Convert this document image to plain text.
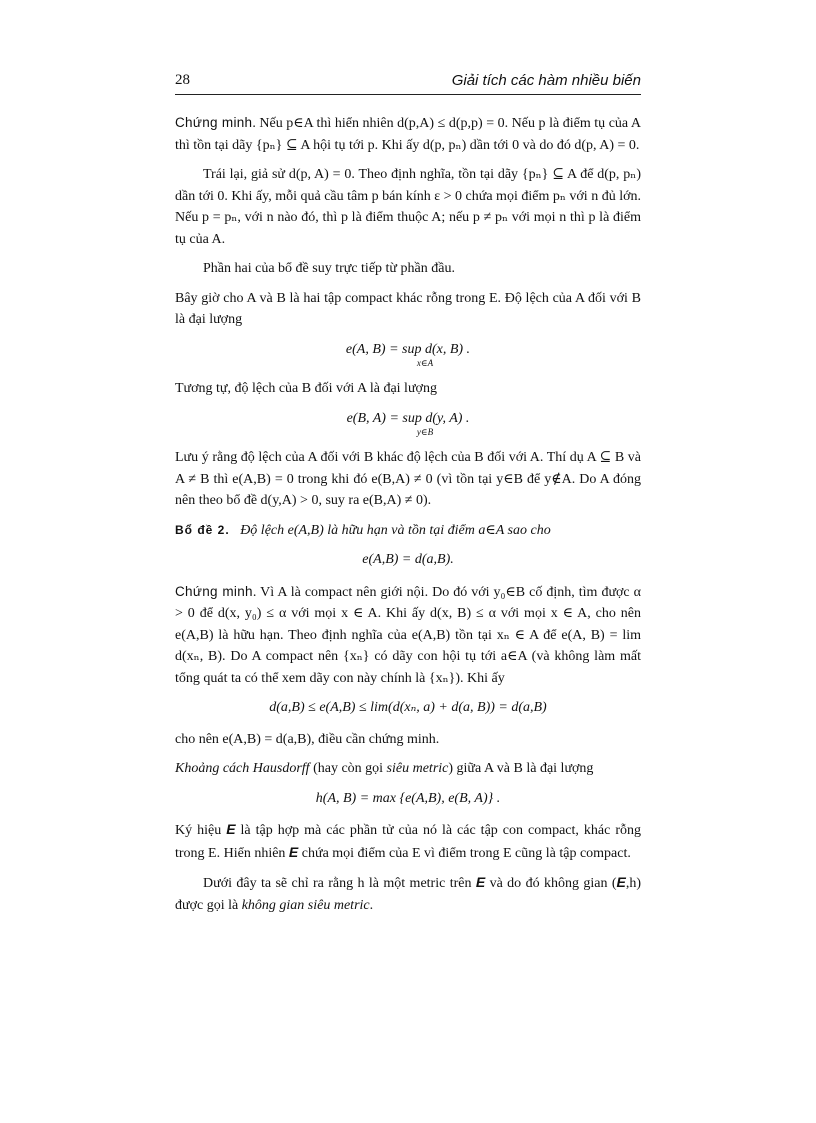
28	Giải tích các hàm nhiều biến

Chứng minh. Nếu p∈A thì hiển nhiên d(p,A) ≤ d(p,p) = 0. Nếu p là điểm tụ của A thì tồn tại dãy {pₙ} ⊆ A hội tụ tới p. Khi ấy d(p, pₙ) dần tới 0 và do đó d(p, A) = 0.

Trái lại, giả sử d(p, A) = 0. Theo định nghĩa, tồn tại dãy {pₙ} ⊆ A để d(p, pₙ) dần tới 0. Khi ấy, mỗi quả cầu tâm p bán kính ε > 0 chứa mọi điểm pₙ với n đủ lớn. Nếu p = pₙ, với n nào đó, thì p là điểm thuộc A; nếu p ≠ pₙ với mọi n thì p là điểm tụ của A.

Phần hai của bổ đề suy trực tiếp từ phần đầu.

Bây giờ cho A và B là hai tập compact khác rỗng trong E. Độ lệch của A đối với B là đại lượng

e(A, B) = sup d(x, B) .
x∈A

Tương tự, độ lệch của B đối với A là đại lượng

e(B, A) = sup d(y, A) .
y∈B

Lưu ý rằng độ lệch của A đối với B khác độ lệch của B đối với A. Thí dụ A ⊆ B và A ≠ B thì e(A,B) = 0 trong khi đó e(B,A) ≠ 0 (vì tồn tại y∈B để y∉A. Do A đóng nên theo bổ đề d(y,A) > 0, suy ra e(B,A) ≠ 0).

Bổ đề 2. Độ lệch e(A,B) là hữu hạn và tồn tại điểm a∈A sao cho

e(A,B) = d(a,B).

Chứng minh. Vì A là compact nên giới nội. Do đó với y₀∈B cố định, tìm được α > 0 để d(x, y₀) ≤ α với mọi x ∈ A. Khi ấy d(x, B) ≤ α với mọi x ∈ A, cho nên e(A,B) là hữu hạn. Theo định nghĩa của e(A,B) tồn tại xₙ ∈ A để e(A, B) = lim d(xₙ, B). Do A compact nên {xₙ} có dãy con hội tụ tới a∈A (và không làm mất tổng quát ta có thể xem dãy con này chính là {xₙ}). Khi ấy

d(a,B) ≤ e(A,B) ≤ lim(d(xₙ, a) + d(a, B)) = d(a,B)

cho nên e(A,B) = d(a,B), điều cần chứng minh.

Khoảng cách Hausdorff (hay còn gọi siêu metric) giữa A và B là đại lượng

h(A, B) = max {e(A,B), e(B, A)} .

Ký hiệu E là tập hợp mà các phần tử của nó là các tập con compact, khác rỗng trong E. Hiển nhiên E chứa mọi điểm của E vì điểm trong E cũng là tập compact.

Dưới đây ta sẽ chỉ ra rằng h là một metric trên E và do đó không gian (E,h) được gọi là không gian siêu metric.
